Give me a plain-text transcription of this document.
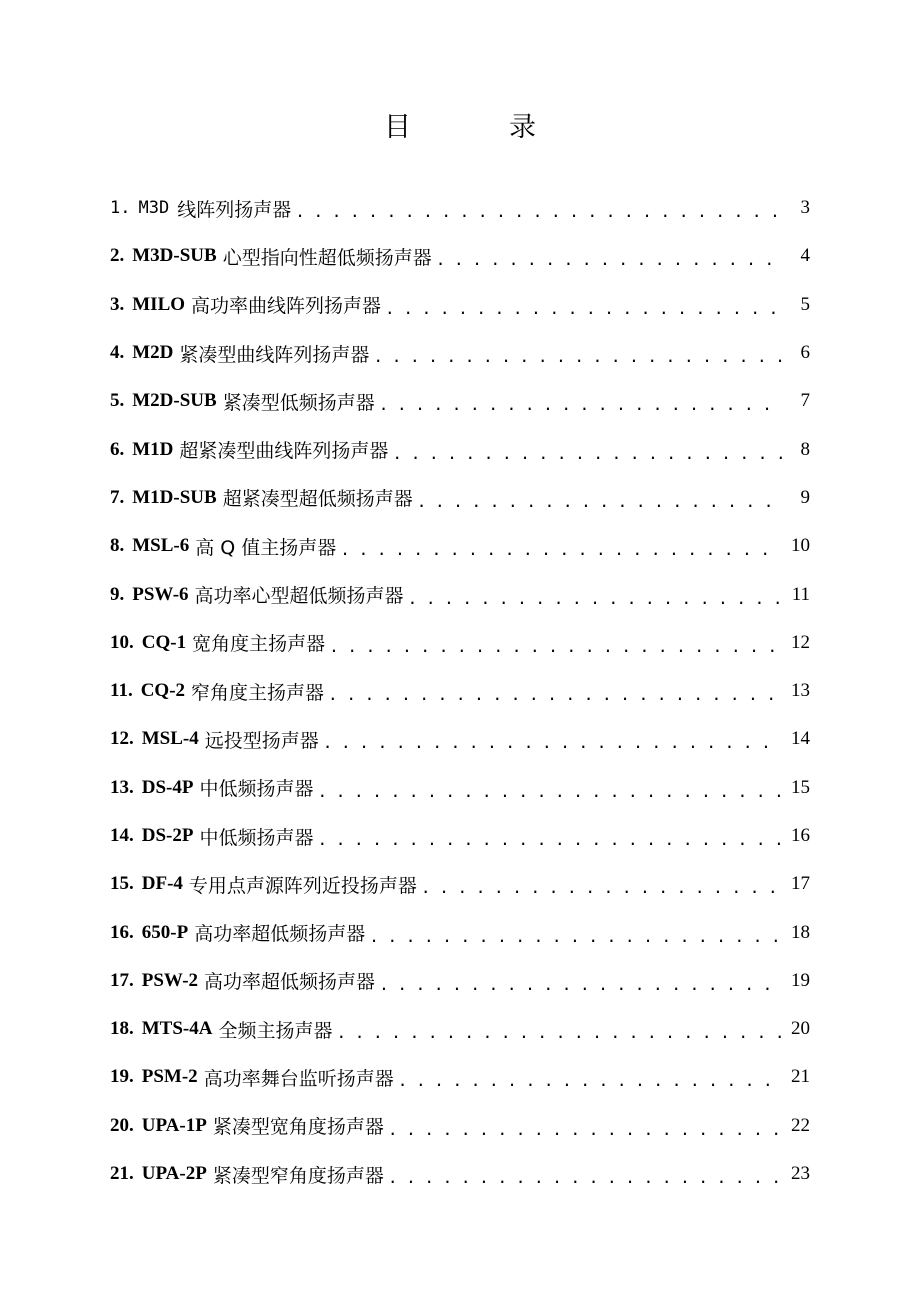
目	录
1 . M3D 线阵列扬声器 . . .	3
2 . M3D-SUB 心型指向性超低频扬声器 . . .	4
3 . MILO 高功率曲线阵列扬声器 . . .	5
4 . M2D 紧凑型曲线阵列扬声器 . . .	6
5 . M2D-SUB 紧凑型低频扬声器 . . .	7
6 . M1D 超紧凑型曲线阵列扬声器 . . .	8
7 . M1D-SUB 超紧凑型超低频扬声器 . . .	9
8 . MSL-6 高 Q 值主扬声器 . . .	10
9 . PSW-6 高功率心型超低频扬声器 . . .	11
10 . CQ-1 宽角度主扬声器 . . .	12
11 . CQ-2 窄角度主扬声器 . . .	13
12 . MSL-4 远投型扬声器 . . .	14
13 . DS-4P 中低频扬声器 . . .	15
14 . DS-2P 中低频扬声器 . . .	16
15 . DF-4 专用点声源阵列近投扬声器 . . .	17
16 . 650-P 高功率超低频扬声器 . . .	18
17 . PSW-2 高功率超低频扬声器 . . .	19
18 . MTS-4A 全频主扬声器 . . .	20
19 . PSM-2 高功率舞台监听扬声器 . . .	21
20 . UPA-1P 紧凑型宽角度扬声器 . . .	22
21 . UPA-2P 紧凑型窄角度扬声器 . . .	23
